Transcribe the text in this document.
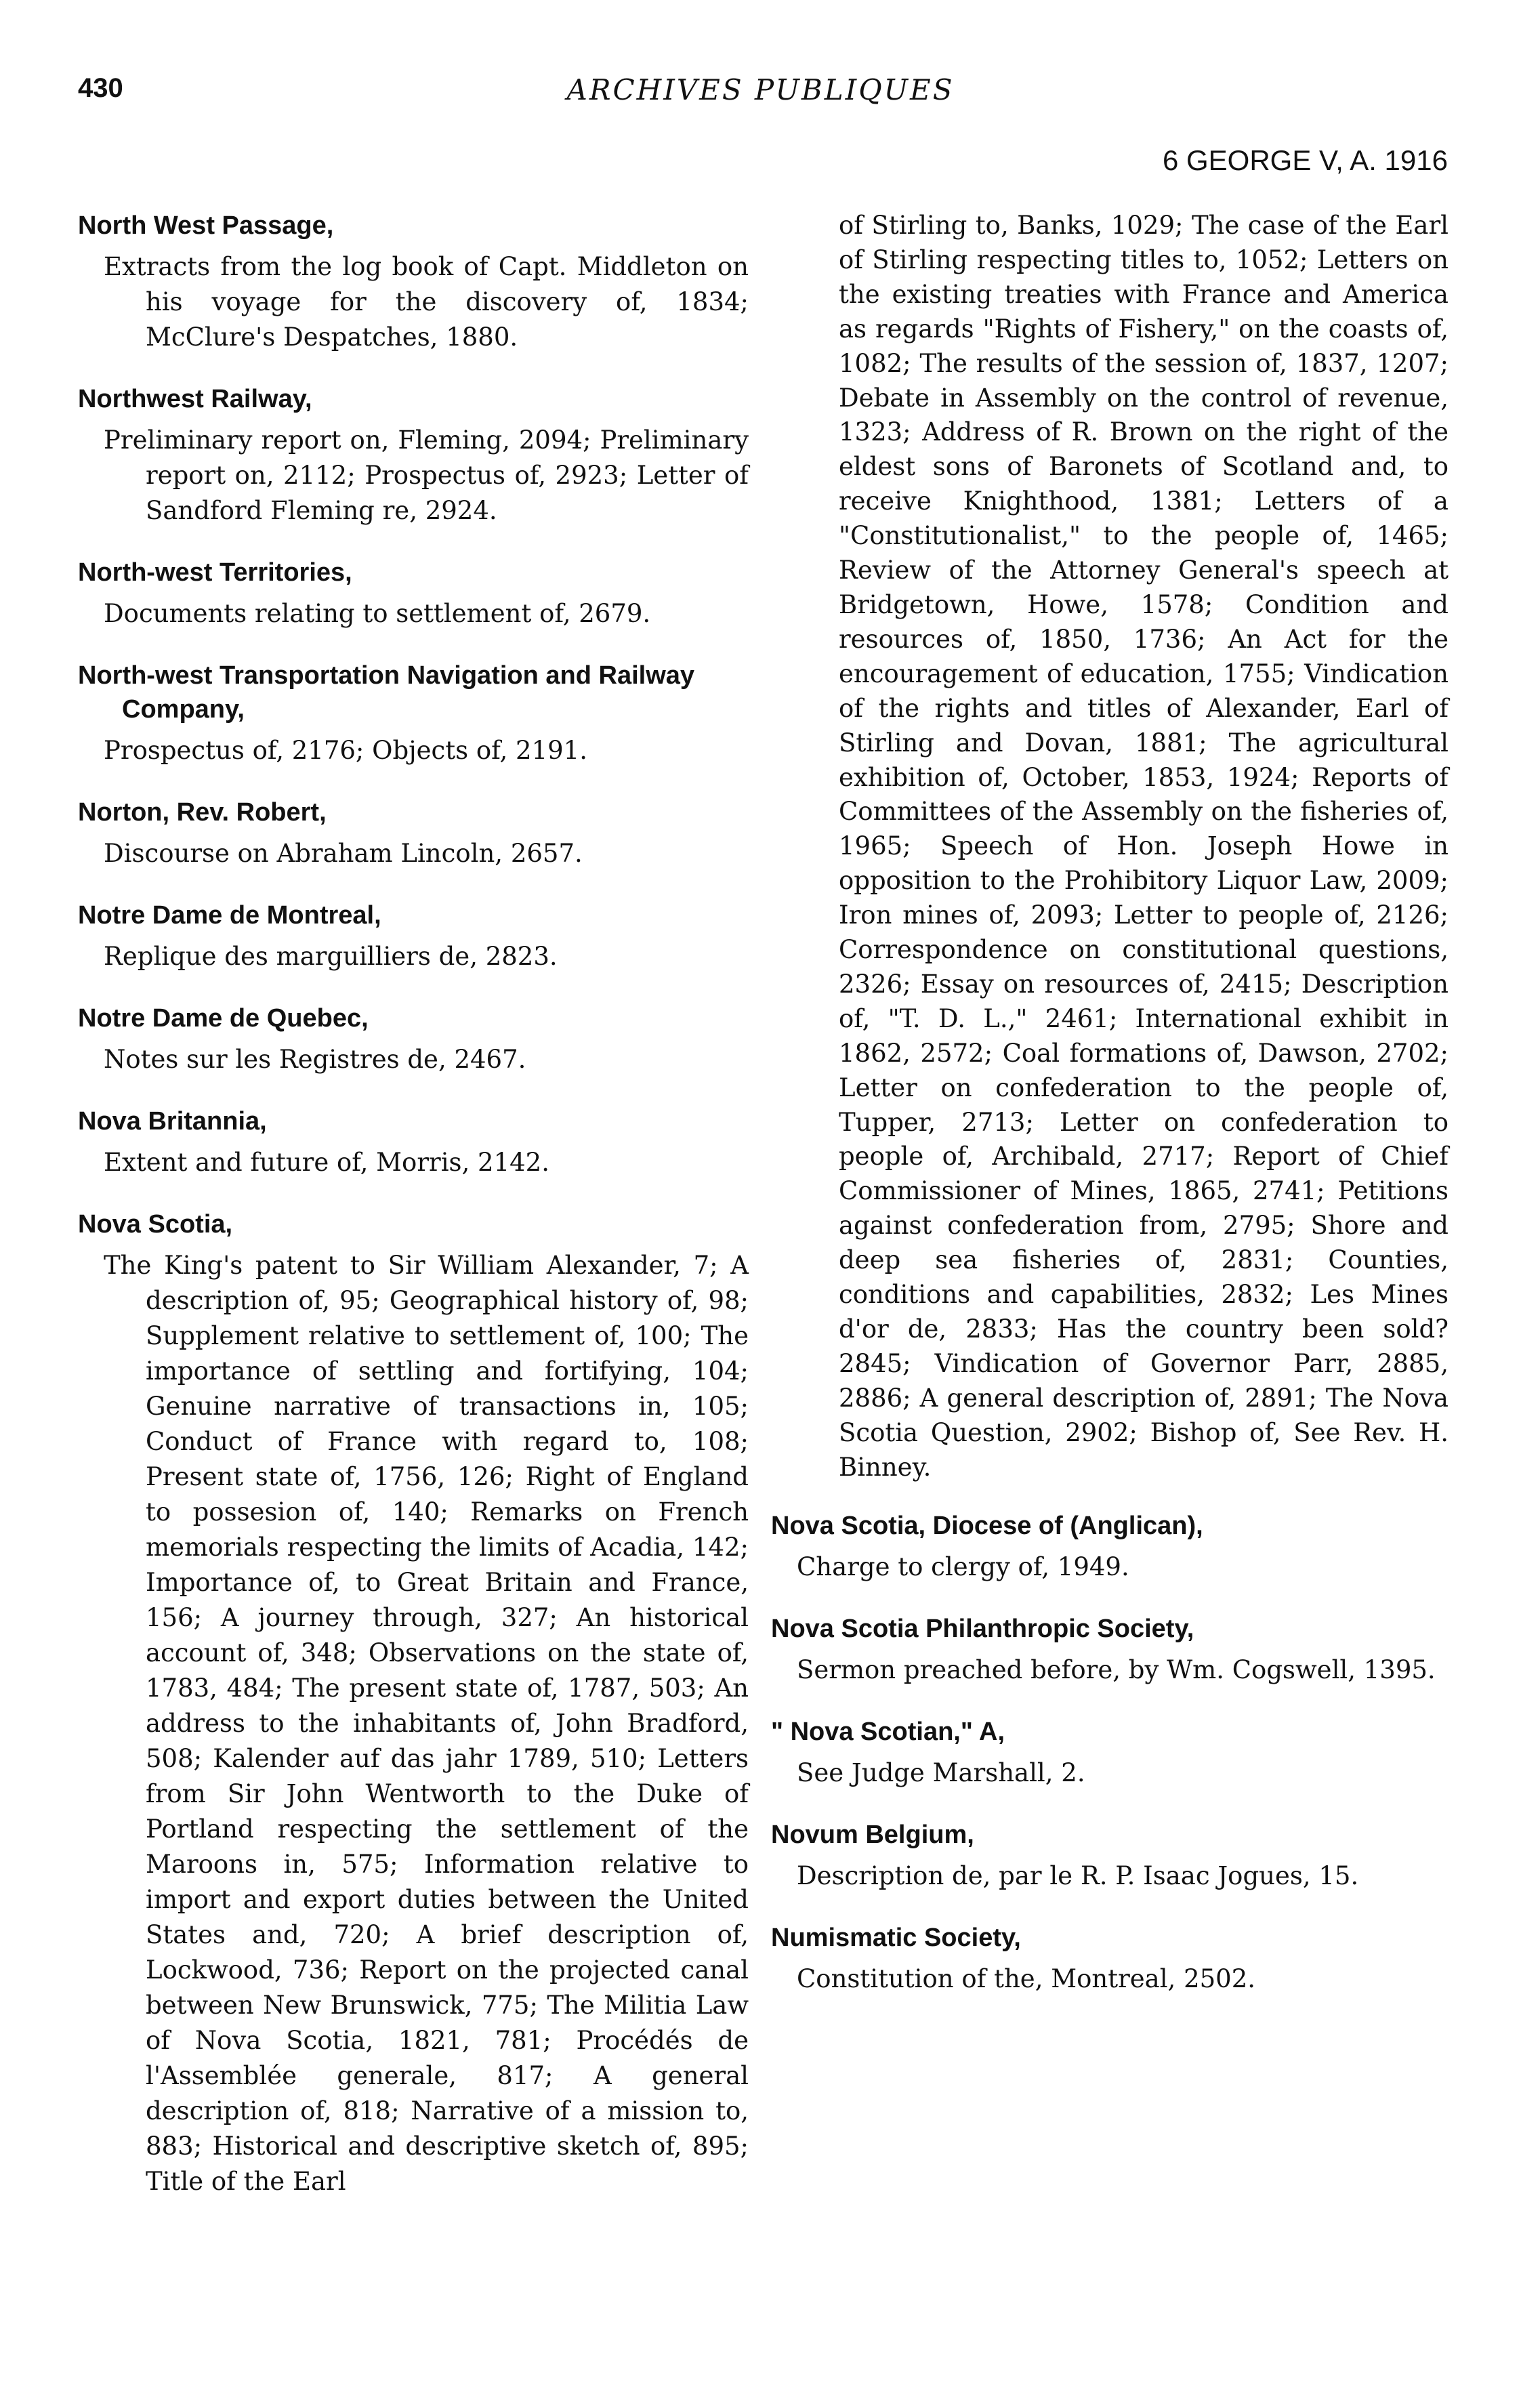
430	ARCHIVES PUBLIQUES
6 GEORGE V, A. 1916
North West Passage,
Extracts from the log book of Capt. Middleton on his voyage for the discovery of, 1834; McClure's Despatches, 1880.
Northwest Railway,
Preliminary report on, Fleming, 2094; Preliminary report on, 2112; Prospectus of, 2923; Letter of Sandford Fleming re, 2924.
North-west Territories,
Documents relating to settlement of, 2679.
North-west Transportation Navigation and Railway Company,
Prospectus of, 2176; Objects of, 2191.
Norton, Rev. Robert,
Discourse on Abraham Lincoln, 2657.
Notre Dame de Montreal,
Replique des marguilliers de, 2823.
Notre Dame de Quebec,
Notes sur les Registres de, 2467.
Nova Britannia,
Extent and future of, Morris, 2142.
Nova Scotia,
The King's patent to Sir William Alexander, 7; A description of, 95; Geographical history of, 98; Supplement relative to settlement of, 100; The importance of settling and fortifying, 104; Genuine narrative of transactions in, 105; Conduct of France with regard to, 108; Present state of, 1756, 126; Right of England to possesion of, 140; Remarks on French memorials respecting the limits of Acadia, 142; Importance of, to Great Britain and France, 156; A journey through, 327; An historical account of, 348; Observations on the state of, 1783, 484; The present state of, 1787, 503; An address to the inhabitants of, John Bradford, 508; Kalender auf das jahr 1789, 510; Letters from Sir John Wentworth to the Duke of Portland respecting the settlement of the Maroons in, 575; Information relative to import and export duties between the United States and, 720; A brief description of, Lockwood, 736; Report on the projected canal between New Brunswick, 775; The Militia Law of Nova Scotia, 1821, 781; Procédés de l'Assemblée generale, 817; A general description of, 818; Narrative of a mission to, 883; Historical and descriptive sketch of, 895; Title of the Earl
of Stirling to, Banks, 1029; The case of the Earl of Stirling respecting titles to, 1052; Letters on the existing treaties with France and America as regards "Rights of Fishery," on the coasts of, 1082; The results of the session of, 1837, 1207; Debate in Assembly on the control of revenue, 1323; Address of R. Brown on the right of the eldest sons of Baronets of Scotland and, to receive Knighthood, 1381; Letters of a "Constitutionalist," to the people of, 1465; Review of the Attorney General's speech at Bridgetown, Howe, 1578; Condition and resources of, 1850, 1736; An Act for the encouragement of education, 1755; Vindication of the rights and titles of Alexander, Earl of Stirling and Dovan, 1881; The agricultural exhibition of, October, 1853, 1924; Reports of Committees of the Assembly on the fisheries of, 1965; Speech of Hon. Joseph Howe in opposition to the Prohibitory Liquor Law, 2009; Iron mines of, 2093; Letter to people of, 2126; Correspondence on constitutional questions, 2326; Essay on resources of, 2415; Description of, "T. D. L.," 2461; International exhibit in 1862, 2572; Coal formations of, Dawson, 2702; Letter on confederation to the people of, Tupper, 2713; Letter on confederation to people of, Archibald, 2717; Report of Chief Commissioner of Mines, 1865, 2741; Petitions against confederation from, 2795; Shore and deep sea fisheries of, 2831; Counties, conditions and capabilities, 2832; Les Mines d'or de, 2833; Has the country been sold? 2845; Vindication of Governor Parr, 2885, 2886; A general description of, 2891; The Nova Scotia Question, 2902; Bishop of, See Rev. H. Binney.
Nova Scotia, Diocese of (Anglican),
Charge to clergy of, 1949.
Nova Scotia Philanthropic Society,
Sermon preached before, by Wm. Cogswell, 1395.
" Nova Scotian," A,
See Judge Marshall, 2.
Novum Belgium,
Description de, par le R. P. Isaac Jogues, 15.
Numismatic Society,
Constitution of the, Montreal, 2502.
